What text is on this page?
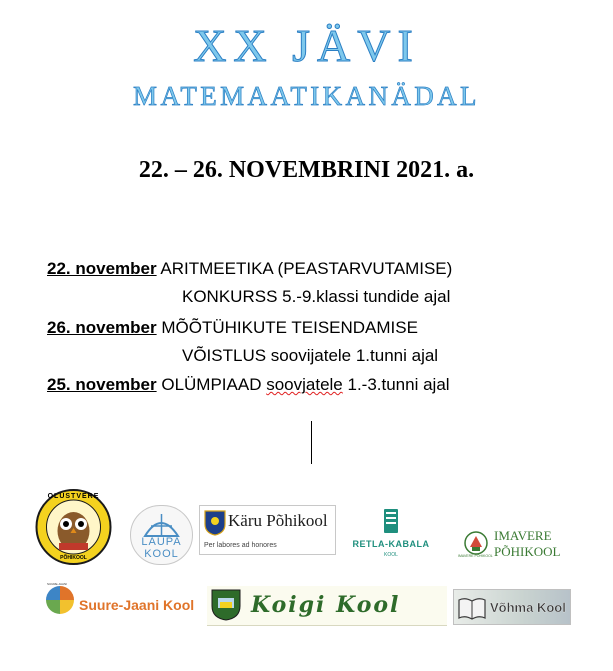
XX JÄVI
MATEMAATIKANÄDAL
22. – 26. NOVEMBRINI 2021. a.
22. november ARITMEETIKA (PEASTARVUTAMISE)
KONKURSS 5.-9.klassi tundide ajal
26. november MÕÕTÜHIKUTE TEISENDAMISE
VÕISTLUS soovijatele 1.tunni ajal
25. november OLÜMPIAAD soovjatele 1.-3.tunni ajal
OLUSTVERE
PÕHIKOOL
LAUPA
KOOL
Käru Põhikool
Per labores ad honores	RETLA-KABALA
KOOL	IMAVERE PÕHIKOOL
IMAVERE
PÕHIKOOL
SUURE-JAANI
Suure-Jaani Kool	Koigi Kool	Võhma Kool
